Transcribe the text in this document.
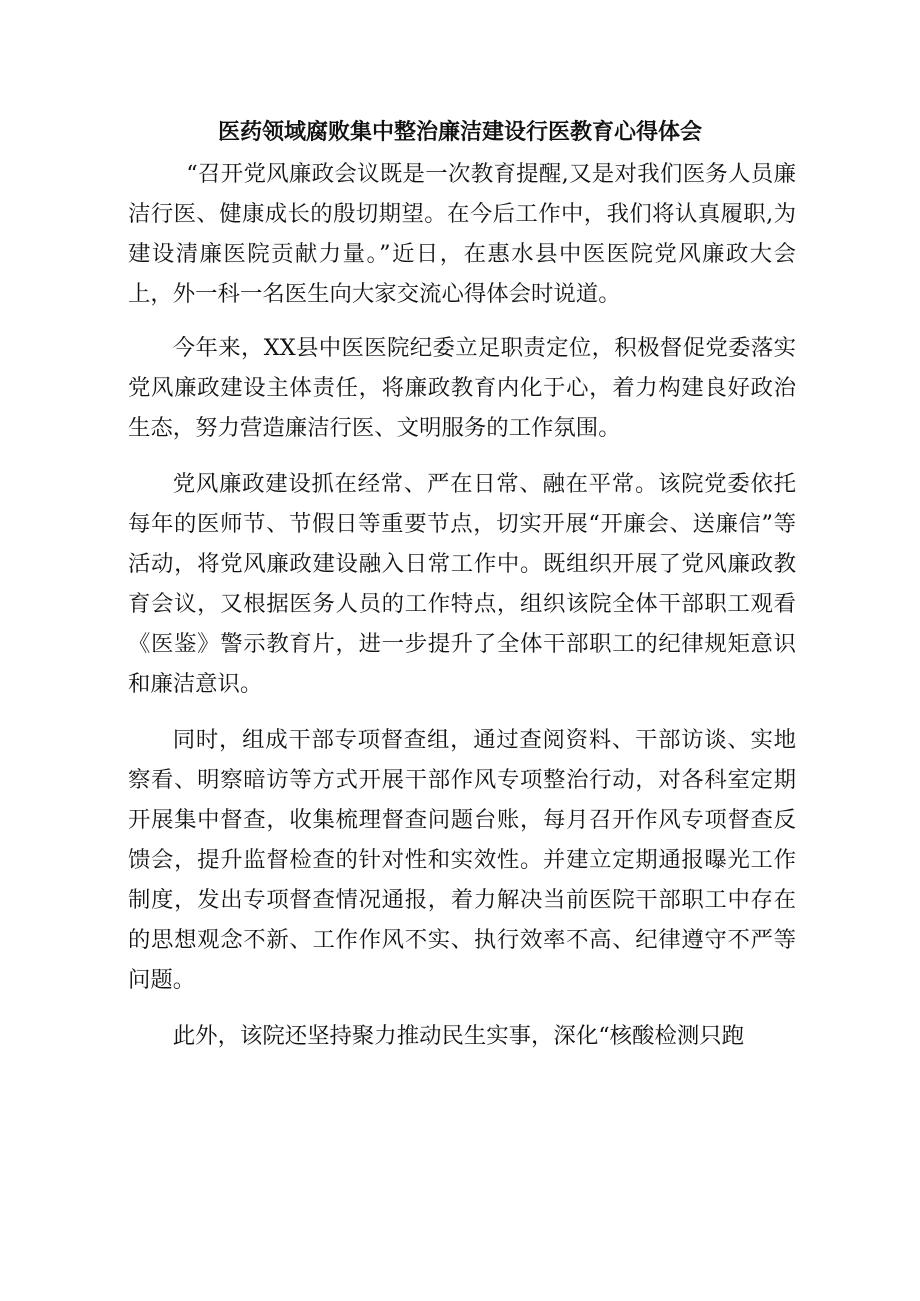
医药领域腐败集中整治廉洁建设行医教育心得体会

“召开党风廉政会议既是一次教育提醒,又是对我们医务人员廉洁行医、健康成长的殷切期望。在今后工作中，我们将认真履职,为建设清廉医院贡献力量。”近日，在惠水县中医医院党风廉政大会上，外一科一名医生向大家交流心得体会时说道。

今年来，XX县中医医院纪委立足职责定位，积极督促党委落实党风廉政建设主体责任，将廉政教育内化于心，着力构建良好政治生态，努力营造廉洁行医、文明服务的工作氛围。

党风廉政建设抓在经常、严在日常、融在平常。该院党委依托每年的医师节、节假日等重要节点，切实开展“开廉会、送廉信”等活动，将党风廉政建设融入日常工作中。既组织开展了党风廉政教育会议，又根据医务人员的工作特点，组织该院全体干部职工观看《医鉴》警示教育片，进一步提升了全体干部职工的纪律规矩意识和廉洁意识。

同时，组成干部专项督查组，通过查阅资料、干部访谈、实地察看、明察暗访等方式开展干部作风专项整治行动，对各科室定期开展集中督查，收集梳理督查问题台账，每月召开作风专项督查反馈会，提升监督检查的针对性和实效性。并建立定期通报曝光工作制度，发出专项督查情况通报，着力解决当前医院干部职工中存在的思想观念不新、工作作风不实、执行效率不高、纪律遵守不严等问题。

此外，该院还坚持聚力推动民生实事，深化“核酸检测只跑
